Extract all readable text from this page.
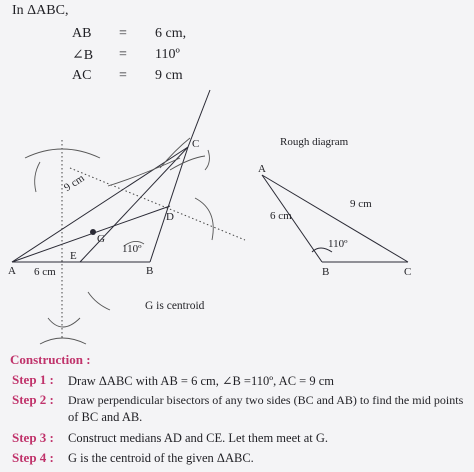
In ΔABC,
AB = 6 cm,
∠B = 110º
AC = 9 cm
A	B
C
D
E
G
6 cm
9 cm
110º
G is centroid
Rough diagram
A
B	C
6 cm
9 cm
110º
Construction :
Step 1 : Draw ΔABC with AB = 6 cm, ∠B =110º, AC = 9 cm
Step 2 : Draw perpendicular bisectors of any two sides (BC and AB) to find the mid points
of BC and AB.
Step 3 : Construct medians AD and CE. Let them meet at G.
Step 4 : G is the centroid of the given ΔABC.
